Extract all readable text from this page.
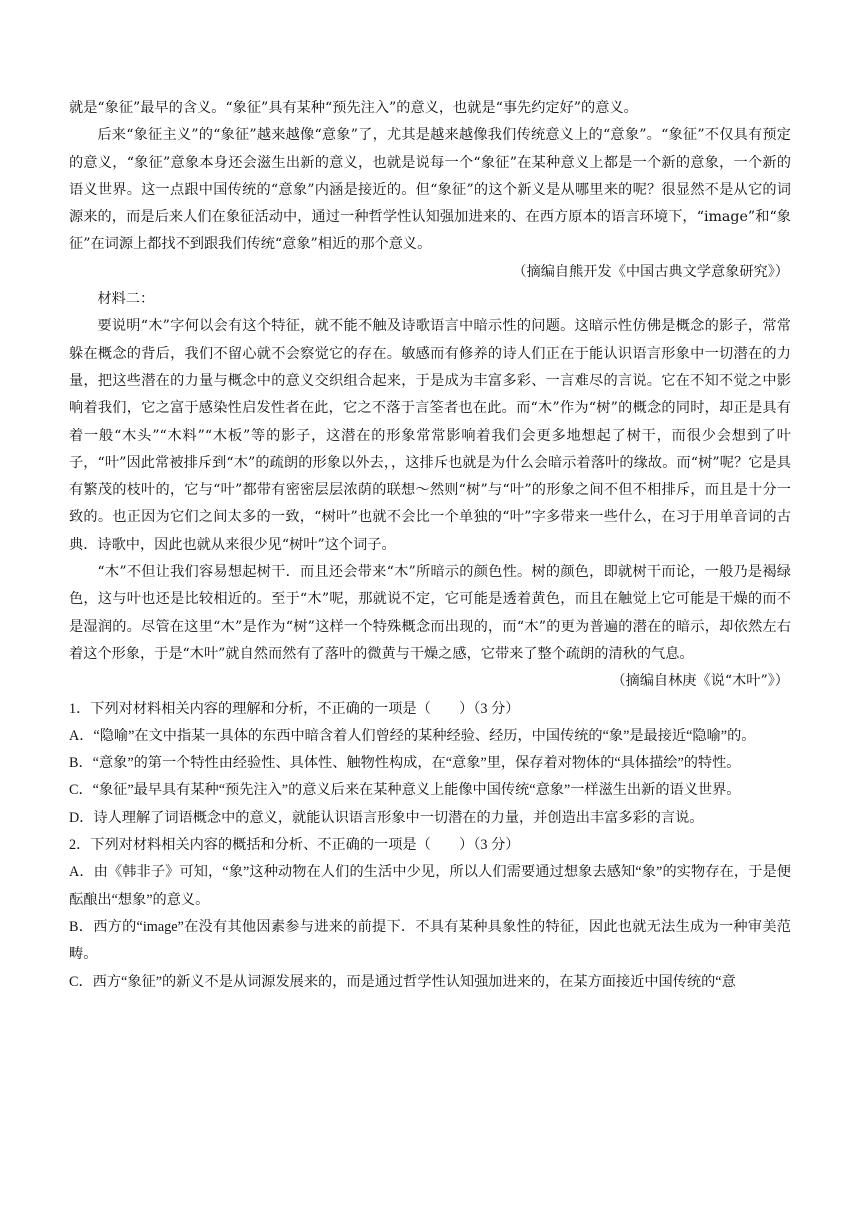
就是“象征”最早的含义。“象征”具有某种“预先注入”的意义，也就是“事先约定好”的意义。

后来“象征主义”的“象征”越来越像“意象”了，尤其是越来越像我们传统意义上的“意象”。“象征”不仅具有预定的意义，“象征”意象本身还会滋生出新的意义，也就是说每一个“象征”在某种意义上都是一个新的意象，一个新的语义世界。这一点跟中国传统的“意象”内涵是接近的。但“象征”的这个新义是从哪里来的呢？很显然不是从它的词源来的，而是后来人们在象征活动中，通过一种哲学性认知强加进来的、在西方原本的语言环境下，“image”和“象征”在词源上都找不到跟我们传统“意象”相近的那个意义。

（摘编自熊开发《中国古典文学意象研究》）

材料二：

要说明“木”字何以会有这个特征，就不能不触及诗歌语言中暗示性的问题。这暗示性仿佛是概念的影子，常常躲在概念的背后，我们不留心就不会察觉它的存在。敏感而有修养的诗人们正在于能认识语言形象中一切潜在的力量，把这些潜在的力量与概念中的意义交织组合起来，于是成为丰富多彩、一言难尽的言说。它在不知不觉之中影响着我们，它之富于感染性启发性者在此，它之不落于言筌者也在此。而“木”作为“树”的概念的同时，却正是具有着一般“木头”“木料”“木板”等的影子，这潜在的形象常常影响着我们会更多地想起了树干，而很少会想到了叶子，“叶”因此常被排斥到“木”的疏朗的形象以外去，，这排斥也就是为什么会暗示着落叶的缘故。而“树”呢？它是具有繁茂的枝叶的，它与“叶”都带有密密层层浓荫的联想～然则“树”与“叶”的形象之间不但不相排斥，而且是十分一致的。也正因为它们之间太多的一致，“树叶”也就不会比一个单独的“叶”字多带来一些什么，在习于用单音词的古典．诗歌中，因此也就从来很少见“树叶”这个词子。

“木”不但让我们容易想起树干．而且还会带来“木”所暗示的颜色性。树的颜色，即就树干而论，一般乃是褐绿色，这与叶也还是比较相近的。至于“木”呢，那就说不定，它可能是透着黄色，而且在触觉上它可能是干燥的而不是湿润的。尽管在这里“木”是作为“树”这样一个特殊概念而出现的，而“木”的更为普遍的潜在的暗示，却依然左右着这个形象，于是“木叶”就自然而然有了落叶的微黄与干燥之感，它带来了整个疏朗的清秋的气息。

（摘编自林庚《说“木叶”》）

1．下列对材料相关内容的理解和分析，不正确的一项是（　　）（3 分）

A．“隐喻”在文中指某一具体的东西中暗含着人们曾经的某种经验、经历，中国传统的“象”是最接近“隐喻”的。

B．“意象”的第一个特性由经验性、具体性、触物性构成，在“意象”里，保存着对物体的“具体描绘”的特性。

C．“象征”最早具有某种“预先注入”的意义后来在某种意义上能像中国传统“意象”一样滋生出新的语义世界。

D．诗人理解了词语概念中的意义，就能认识语言形象中一切潜在的力量，并创造出丰富多彩的言说。

2．下列对材料相关内容的概括和分析、不正确的一项是（　　）（3 分）

A．由《韩非子》可知，“象”这种动物在人们的生活中少见，所以人们需要通过想象去感知“象”的实物存在，于是便酝酿出“想象”的意义。

B．西方的“image”在没有其他因素参与进来的前提下．不具有某种具象性的特征，因此也就无法生成为一种审美范畴。

C．西方“象征”的新义不是从词源发展来的，而是通过哲学性认知强加进来的，在某方面接近中国传统的“意
